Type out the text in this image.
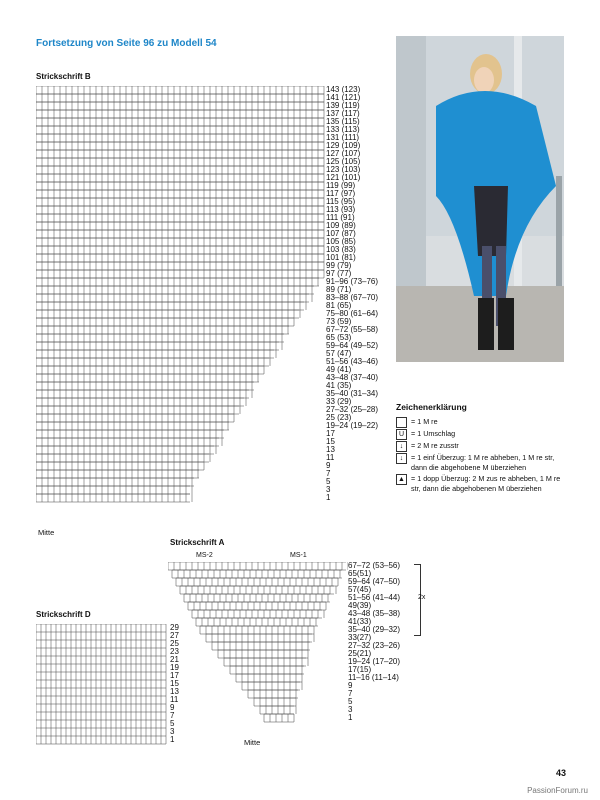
Fortsetzung von Seite 96 zu Modell 54
Strickschrift B
143 (123)
141 (121)
139 (119)
137 (117)
135 (115)
133 (113)
131 (111)
129 (109)
127 (107)
125 (105)
123 (103)
121 (101)
119 (99)
117 (97)
115 (95)
113 (93)
111 (91)
109 (89)
107 (87)
105 (85)
103 (83)
101 (81)
99 (79)
97 (77)
91–96 (73–76)
89 (71)
83–88 (67–70)
81 (65)
75–80 (61–64)
73 (59)
67–72 (55–58)
65 (53)
59–64 (49–52)
57 (47)
51–56 (43–46)
49 (41)
43–48 (37–40)
41 (35)
35–40 (31–34)
33 (29)
27–32 (25–28)
25 (23)
19–24 (19–22)
17
15
13
11
9
7
5
3
1
Mitte
Zeichenerklärung
= 1 M re
U = 1 Umschlag
↓	= 2 M re zusstr
↓	= 1 einf Überzug: 1 M re abheben, 1 M re str, dann die abgehobene M überziehen
▲ = 1 dopp Überzug: 2 M zus re abheben, 1 M re str, dann die abgehobenen M überziehen
Strickschrift A
MS-2	MS-1
67–72 (53–56)
65(51)
59–64 (47–50)
57(45)
51–56 (41–44)
49(39)
43–48 (35–38)
41(33)
35–40 (29–32)
33(27)
27–32 (23–26)
25(21)
19–24 (17–20)
17(15)
11–16 (11–14)
9
7
5
3
1
2x
Mitte
Strickschrift D
29
27
25
23
21
19
17
15
13
11
9
7
5
3
1
43
PassionForum.ru
